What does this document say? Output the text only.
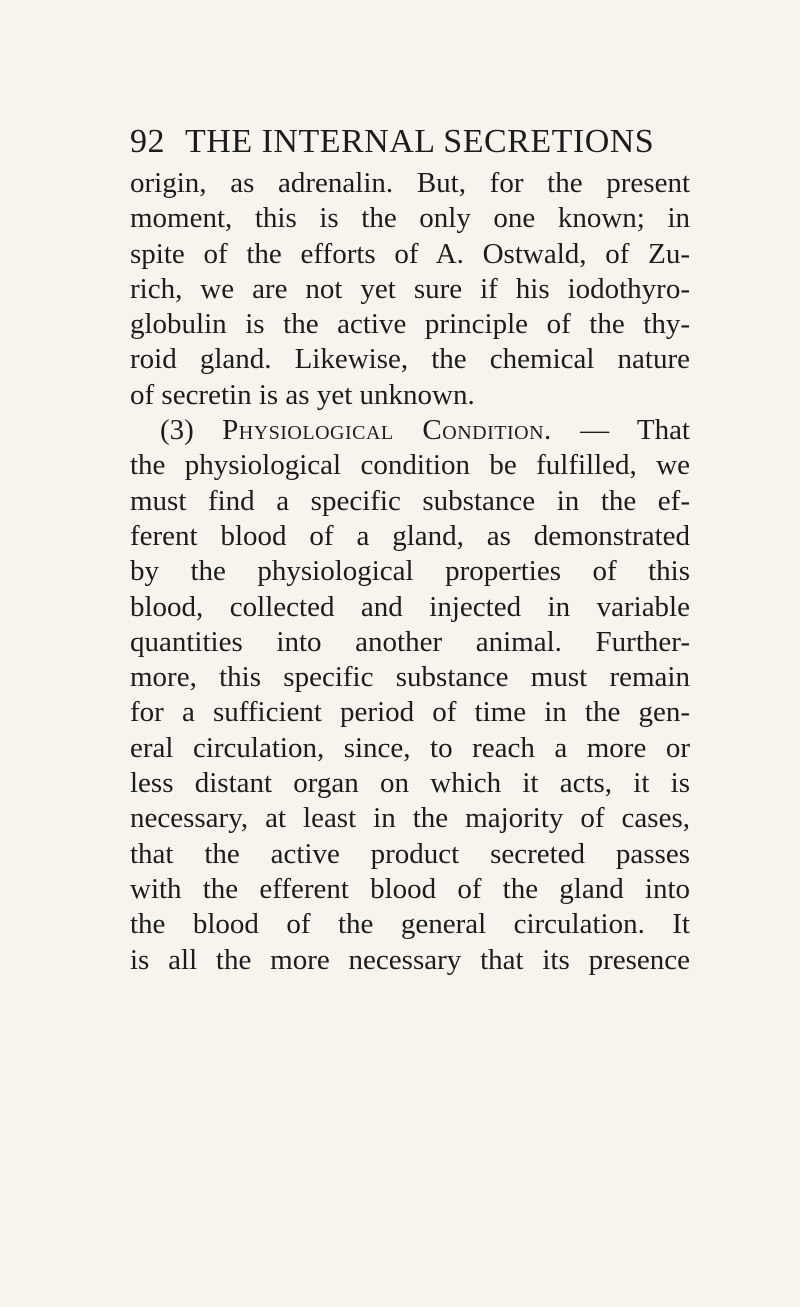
92 THE INTERNAL SECRETIONS
origin, as adrenalin. But, for the present
moment, this is the only one known; in
spite of the efforts of A. Ostwald, of Zu-
rich, we are not yet sure if his iodothyro-
globulin is the active principle of the thy-
roid gland. Likewise, the chemical nature
of secretin is as yet unknown.
(3) Physiological Condition. — That
the physiological condition be fulfilled, we
must find a specific substance in the ef-
ferent blood of a gland, as demonstrated
by the physiological properties of this
blood, collected and injected in variable
quantities into another animal. Further-
more, this specific substance must remain
for a sufficient period of time in the gen-
eral circulation, since, to reach a more or
less distant organ on which it acts, it is
necessary, at least in the majority of cases,
that the active product secreted passes
with the efferent blood of the gland into
the blood of the general circulation. It
is all the more necessary that its presence
